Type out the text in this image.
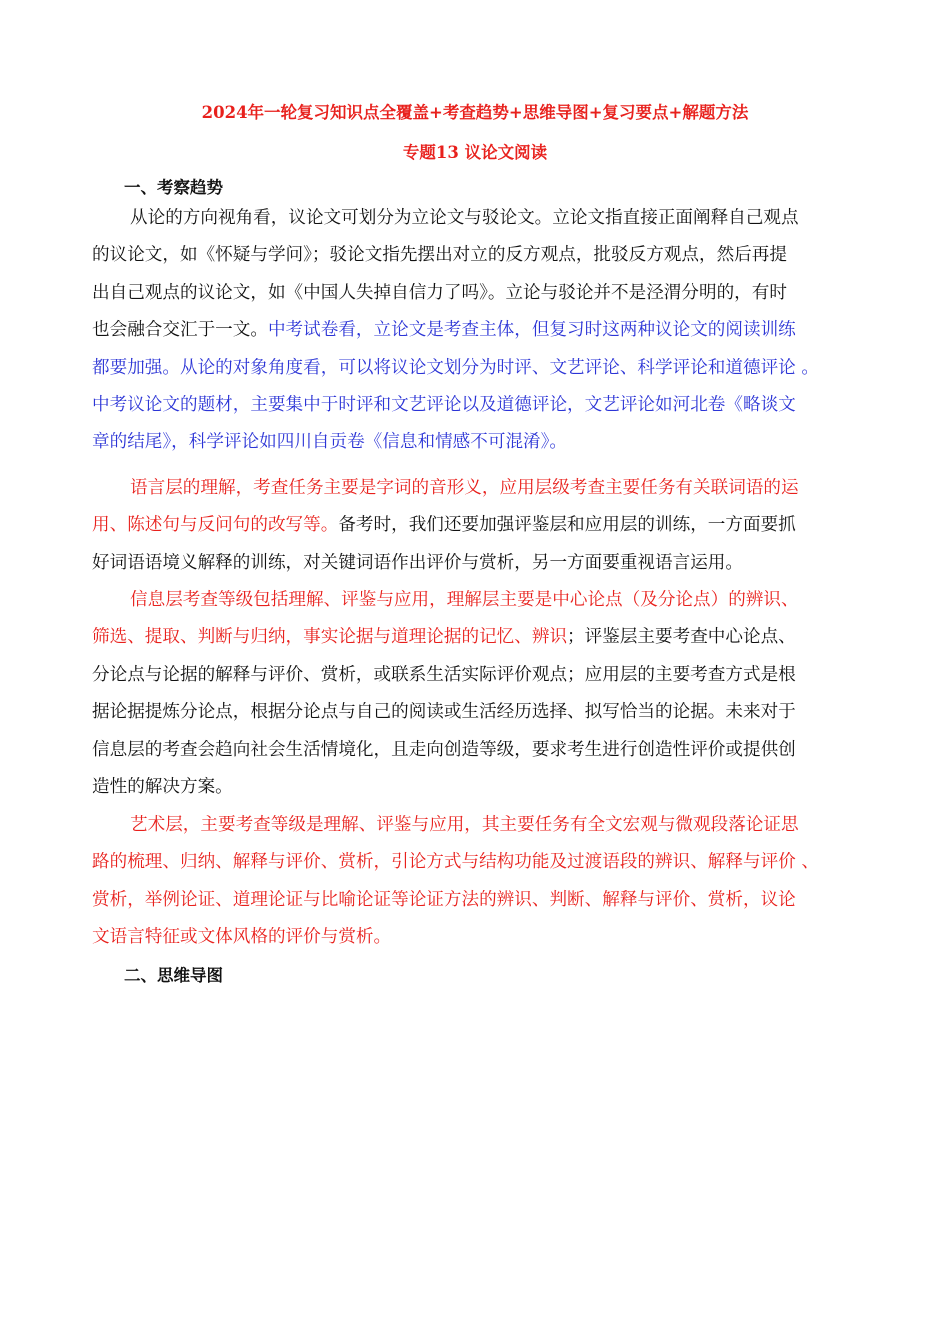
2024年一轮复习知识点全覆盖+考查趋势+思维导图+复习要点+解题方法
专题13 议论文阅读
一、考察趋势
从论的方向视角看，议论文可划分为立论文与驳论文。立论文指直接正面阐释自己观点
的议论文，如《怀疑与学问》；驳论文指先摆出对立的反方观点，批驳反方观点，然后再提
出自己观点的议论文，如《中国人失掉自信力了吗》。立论与驳论并不是泾渭分明的，有时
也会融合交汇于一文。中考试卷看，立论文是考查主体，但复习时这两种议论文的阅读训练
都要加强。从论的对象角度看，可以将议论文划分为时评、文艺评论、科学评论和道德评论 。
中考议论文的题材，主要集中于时评和文艺评论以及道德评论，文艺评论如河北卷《略谈文
章的结尾》，科学评论如四川自贡卷《信息和情感不可混淆》。
语言层的理解，考查任务主要是字词的音形义，应用层级考查主要任务有关联词语的运
用、陈述句与反问句的改写等。备考时，我们还要加强评鉴层和应用层的训练，一方面要抓
好词语语境义解释的训练，对关键词语作出评价与赏析，另一方面要重视语言运用。
信息层考查等级包括理解、评鉴与应用，理解层主要是中心论点（及分论点）的辨识、
筛选、提取、判断与归纳，事实论据与道理论据的记忆、辨识；评鉴层主要考查中心论点、
分论点与论据的解释与评价、赏析，或联系生活实际评价观点；应用层的主要考查方式是根
据论据提炼分论点，根据分论点与自己的阅读或生活经历选择、拟写恰当的论据。未来对于
信息层的考查会趋向社会生活情境化，且走向创造等级，要求考生进行创造性评价或提供创
造性的解决方案。
艺术层，主要考查等级是理解、评鉴与应用，其主要任务有全文宏观与微观段落论证思
路的梳理、归纳、解释与评价、赏析，引论方式与结构功能及过渡语段的辨识、解释与评价 、
赏析，举例论证、道理论证与比喻论证等论证方法的辨识、判断、解释与评价、赏析，议论
文语言特征或文体风格的评价与赏析。
二、思维导图
